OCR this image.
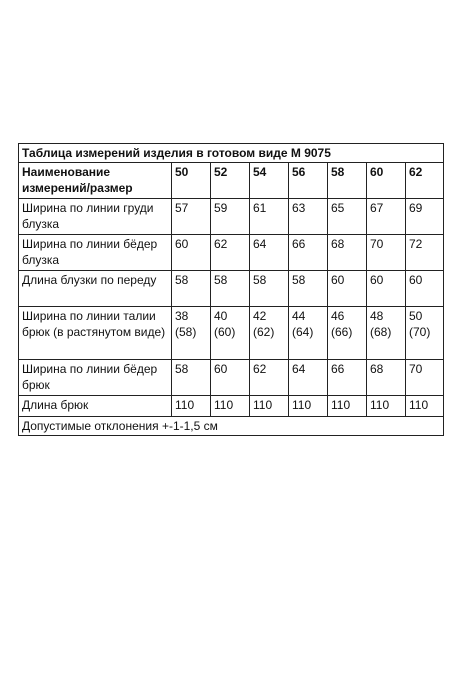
Таблица измерений изделия в готовом виде М 9075							
Наименование измерений/размер	50	52	54	56	58	60	62
Ширина по линии груди блузка	57	59	61	63	65	67	69
Ширина по линии бёдер блузка	60	62	64	66	68	70	72
Длина блузки по переду	58	58	58	58	60	60	60
Ширина по линии талии брюк (в растянутом виде)	38 (58)	40 (60)	42 (62)	44 (64)	46 (66)	48 (68)	50 (70)
Ширина по линии бёдер брюк	58	60	62	64	66	68	70
Длина брюк	110	110	110	110	110	110	110
Допустимые отклонения +-1-1,5 см							
